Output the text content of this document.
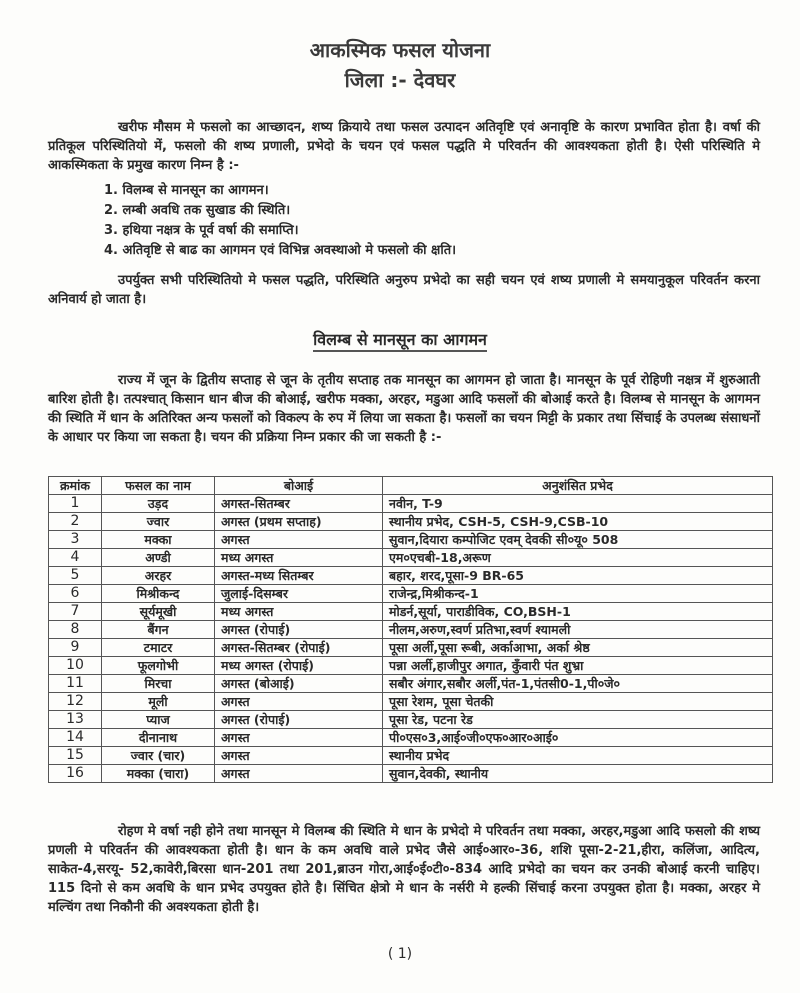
आकस्मिक फसल योजना
जिला :- देवघर
खरीफ मौसम मे फसलो का आच्छादन, शष्य क्रियाये तथा फसल उत्पादन अतिवृष्टि एवं अनावृष्टि के कारण प्रभावित होता है। वर्षा की प्रतिकूल परिस्थितियो में, फसलो की शष्य प्रणाली, प्रभेदो के चयन एवं फसल पद्धति मे परिवर्तन की आवश्यकता होती है। ऐसी परिस्थिति मे आकस्मिकता के प्रमुख कारण निम्न है :-
1. विलम्ब से मानसून का आगमन।
2. लम्बी अवधि तक सुखाड की स्थिति।
3. हथिया नक्षत्र के पूर्व वर्षा की समाप्ति।
4. अतिवृष्टि से बाढ का आगमन एवं विभिन्न अवस्थाओ मे फसलो की क्षति।
उपर्युक्त सभी परिस्थितियो मे फसल पद्धति, परिस्थिति अनुरुप प्रभेदो का सही चयन एवं शष्य प्रणाली मे समयानुकूल परिवर्तन करना अनिवार्य हो जाता है।
विलम्ब से मानसून का आगमन
राज्य में जून के द्वितीय सप्ताह से जून के तृतीय सप्ताह तक मानसून का आगमन हो जाता है। मानसून के पूर्व रोहिणी नक्षत्र में शुरुआती बारिश होती है। तत्पश्चात् किसान धान बीज की बोआई, खरीफ मक्का, अरहर, मडुआ आदि फसलों की बोआई करते है। विलम्ब से मानसून के आगमन की स्थिति में धान के अतिरिक्त अन्य फसलों को विकल्प के रुप में लिया जा सकता है। फसलों का चयन मिट्टी के प्रकार तथा सिंचाई के उपलब्ध संसाधनों के आधार पर किया जा सकता है। चयन की प्रक्रिया निम्न प्रकार की जा सकती है :-
क्रमांक	फसल का नाम	बोआई	अनुशंसित प्रभेद
1	उड़द	अगस्त-सितम्बर	नवीन, T-9
2	ज्वार	अगस्त (प्रथम सप्ताह)	स्थानीय प्रभेद, CSH-5, CSH-9,CSB-10
3	मक्का	अगस्त	सुवान,दियारा कम्पोजिट एवम् देवकी सी०यू० 508
4	अण्डी	मध्य अगस्त	एम०एचबी-18,अरूण
5	अरहर	अगस्त-मध्य सितम्बर	बहार, शरद,पूसा-9 BR-65
6	मिश्रीकन्द	जुलाई-दिसम्बर	राजेन्द्र,मिश्रीकन्द-1
7	सूर्यमूखी	मध्य अगस्त	मोडर्न,सूर्या, पाराडीविक, CO,BSH-1
8	बैंगन	अगस्त (रोपाई)	नीलम,अरुण,स्वर्ण प्रतिभा,स्वर्ण श्यामली
9	टमाटर	अगस्त-सितम्बर (रोपाई)	पूसा अर्ली,पूसा रूबी, अर्काआभा, अर्का श्रेष्ठ
10	फूलगोभी	मध्य अगस्त (रोपाई)	पन्ना अर्ली,हाजीपुर अगात, कुँवारी पंत शुभ्रा
11	मिरचा	अगस्त (बोआई)	सबौर अंगार,सबौर अर्ली,पंत-1,पंतसी0-1,पी०जे०
12	मूली	अगस्त	पूसा रेशम, पूसा चेतकी
13	प्याज	अगस्त (रोपाई)	पूसा रेड, पटना रेड
14	दीनानाथ	अगस्त	पी०एस०3,आई०जी०एफ०आर०आई०
15	ज्वार (चार)	अगस्त	स्थानीय प्रभेद
16	मक्का (चारा)	अगस्त	सुवान,देवकी, स्थानीय
रोहण मे वर्षा नही होने तथा मानसून मे विलम्ब की स्थिति मे धान के प्रभेदो मे परिवर्तन तथा मक्का, अरहर,मडुआ आदि फसलो की शष्य प्रणली मे परिवर्तन की आवश्यकता होती है। धान के कम अवधि वाले प्रभेद जैसे आई०आर०-36, शशि पूसा-2-21,हीरा, कलिंजा, आदित्य, साकेत-4,सरयू- 52,कावेरी,बिरसा धान-201 तथा 201,ब्राउन गोरा,आई०ई०टी०-834 आदि प्रभेदो का चयन कर उनकी बोआई करनी चाहिए। 115 दिनो से कम अवधि के धान प्रभेद उपयुक्त होते है। सिंचित क्षेत्रो मे धान के नर्सरी मे हल्की सिंचाई करना उपयुक्त होता है। मक्का, अरहर मे मल्चिंग तथा निकौनी की अवश्यकता होती है।
( 1)
